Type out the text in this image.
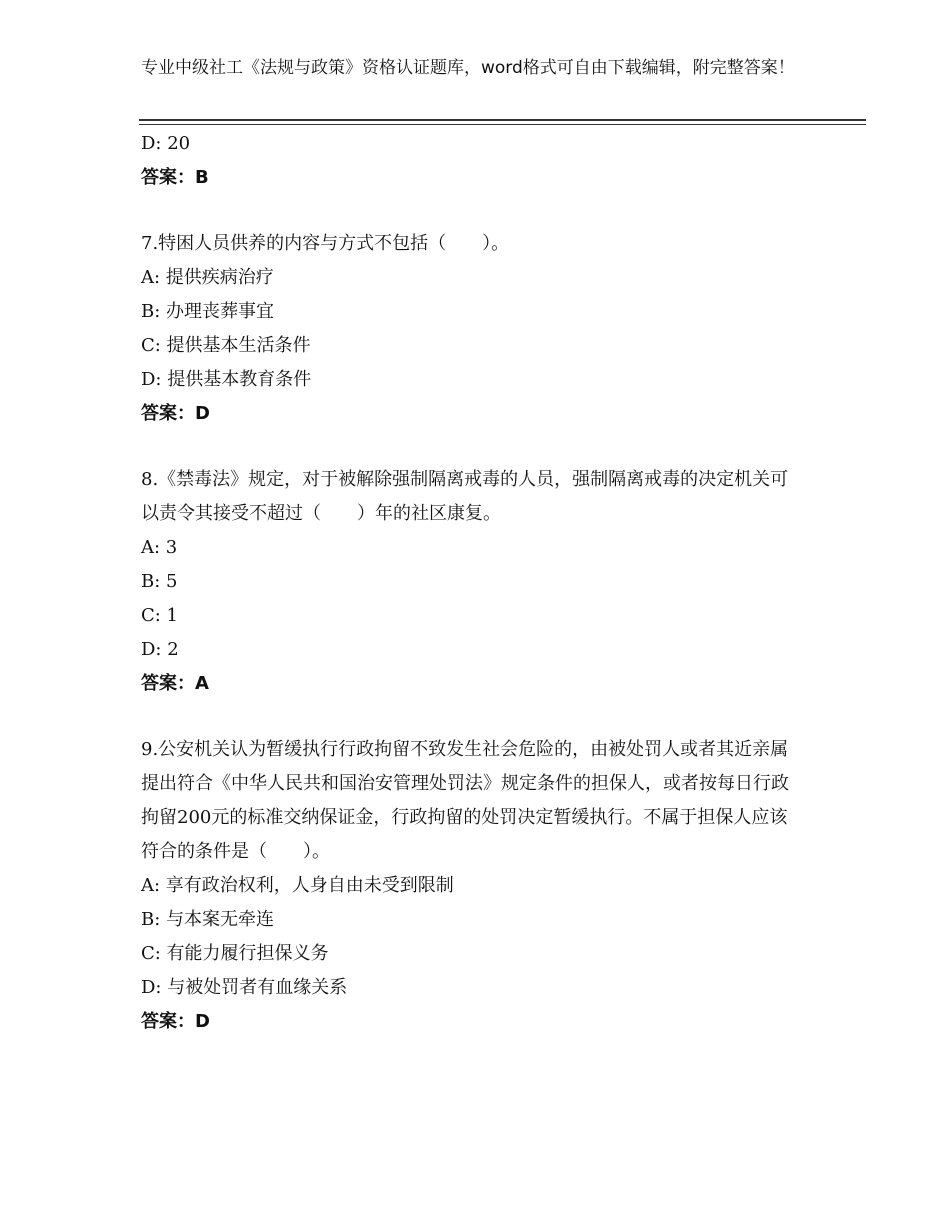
专业中级社工《法规与政策》资格认证题库，word格式可自由下载编辑，附完整答案！
D: 20
答案：B
7.特困人员供养的内容与方式不包括（　　）。
A: 提供疾病治疗
B: 办理丧葬事宜
C: 提供基本生活条件
D: 提供基本教育条件
答案：D
8.《禁毒法》规定，对于被解除强制隔离戒毒的人员，强制隔离戒毒的决定机关可以责令其接受不超过（　　）年的社区康复。
A: 3
B: 5
C: 1
D: 2
答案：A
9.公安机关认为暂缓执行行政拘留不致发生社会危险的，由被处罚人或者其近亲属提出符合《中华人民共和国治安管理处罚法》规定条件的担保人，或者按每日行政拘留200元的标准交纳保证金，行政拘留的处罚决定暂缓执行。不属于担保人应该符合的条件是（　　）。
A: 享有政治权利，人身自由未受到限制
B: 与本案无牵连
C: 有能力履行担保义务
D: 与被处罚者有血缘关系
答案：D
